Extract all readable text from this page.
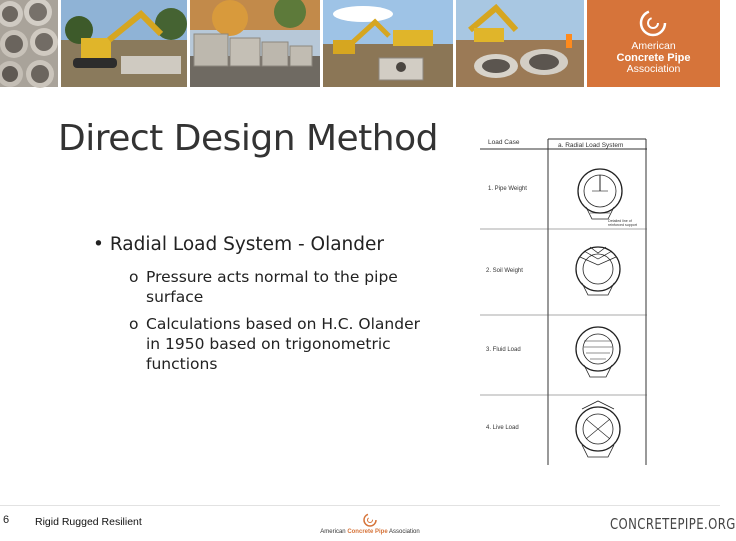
American
Concrete Pipe
Association
Direct Design Method
• Radial Load System - Olander
o Pressure acts normal to the pipe surface
o Calculations based on H.C. Olander in 1950 based on trigonometric functions
Load Case	a. Radial Load System
1. Pipe Weight
2. Soil Weight
3. Fluid Load
4. Live Load
Detailed line of
reinforced support
6 Rigid Rugged Resilient
American Concrete Pipe Association	CONCRETEPIPE.ORG
